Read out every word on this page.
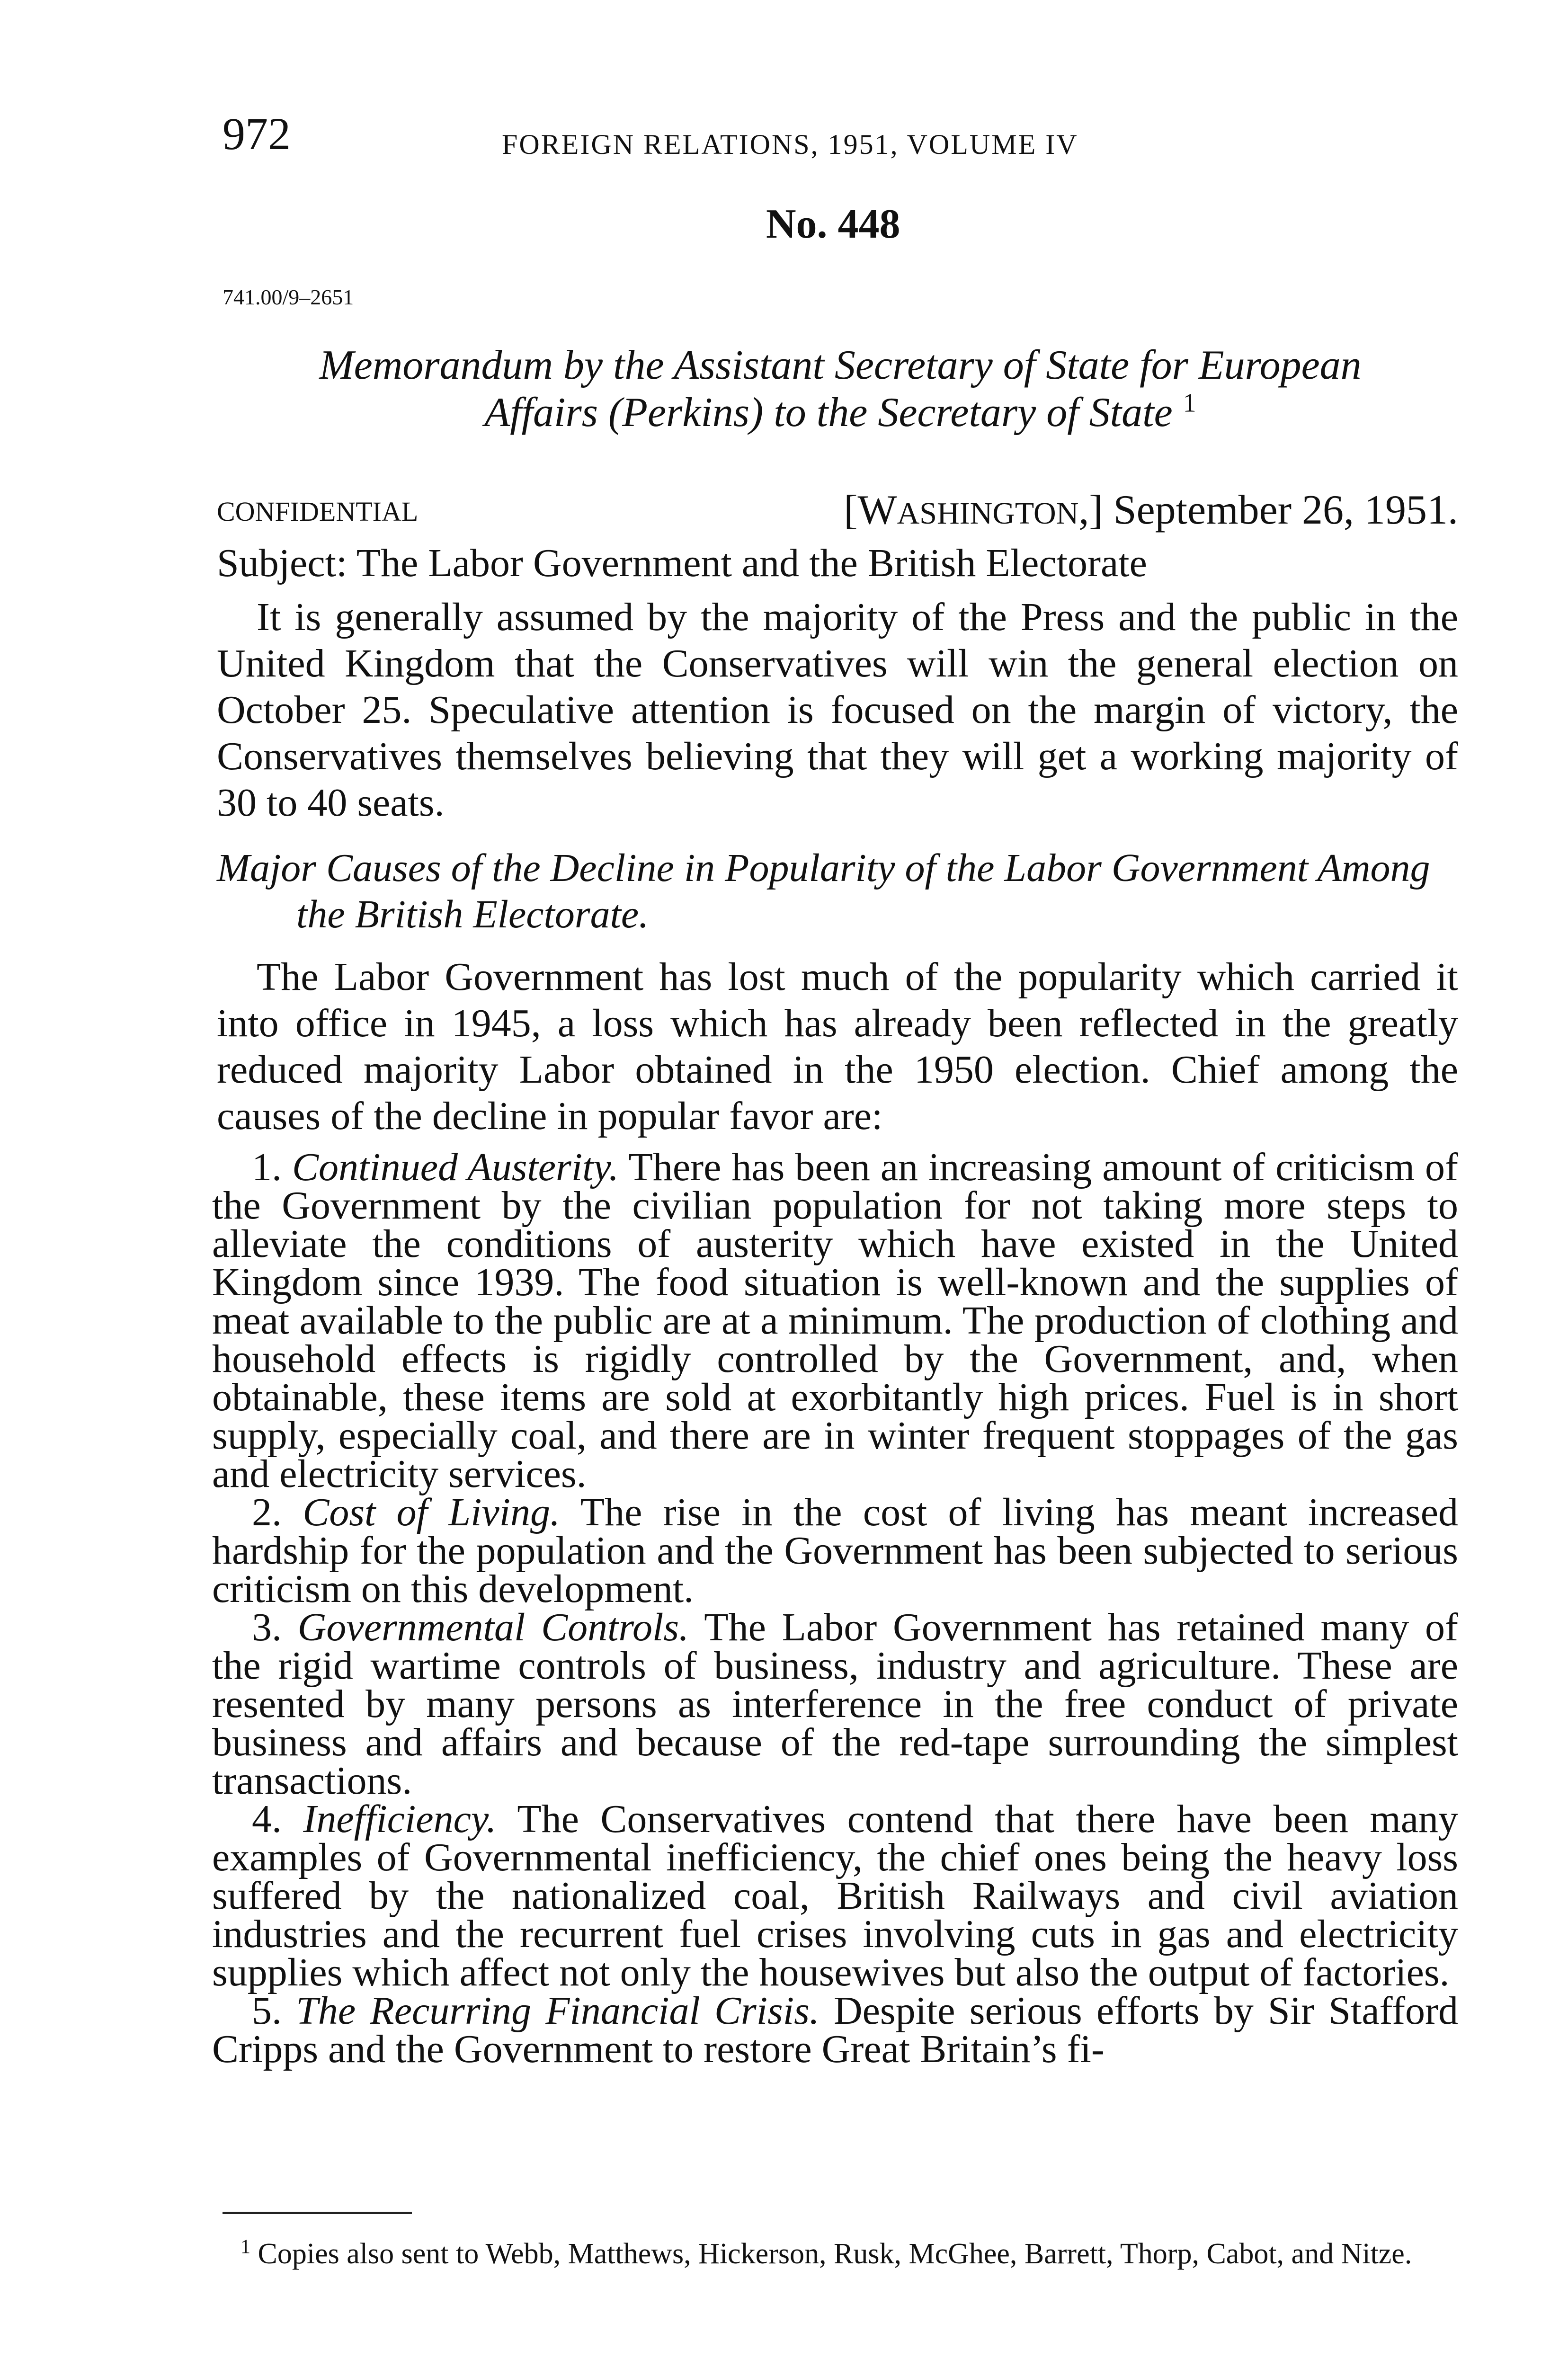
972	FOREIGN RELATIONS, 1951, VOLUME IV
No. 448
741.00/9–2651
Memorandum by the Assistant Secretary of State for European
Affairs (Perkins) to the Secretary of State $^1$
CONFIDENTIAL	[WASHINGTON,] September 26, 1951.
Subject: The Labor Government and the British Electorate

It is generally assumed by the majority of the Press and the public in the United Kingdom that the Conservatives will win the general election on October 25. Speculative attention is focused on the margin of victory, the Conservatives themselves believing that they will get a working majority of 30 to 40 seats.

Major Causes of the Decline in Popularity of the Labor Government Among the British Electorate.

The Labor Government has lost much of the popularity which carried it into office in 1945, a loss which has already been reflected in the greatly reduced majority Labor obtained in the 1950 election. Chief among the causes of the decline in popular favor are:

1. Continued Austerity. There has been an increasing amount of criticism of the Government by the civilian population for not taking more steps to alleviate the conditions of austerity which have existed in the United Kingdom since 1939. The food situation is well-known and the supplies of meat available to the public are at a minimum. The production of clothing and household effects is rigidly controlled by the Government, and, when obtainable, these items are sold at exorbitantly high prices. Fuel is in short supply, especially coal, and there are in winter frequent stoppages of the gas and electricity services.

2. Cost of Living. The rise in the cost of living has meant increased hardship for the population and the Government has been subjected to serious criticism on this development.

3. Governmental Controls. The Labor Government has retained many of the rigid wartime controls of business, industry and agriculture. These are resented by many persons as interference in the free conduct of private business and affairs and because of the red-tape surrounding the simplest transactions.

4. Inefficiency. The Conservatives contend that there have been many examples of Governmental inefficiency, the chief ones being the heavy loss suffered by the nationalized coal, British Railways and civil aviation industries and the recurrent fuel crises involving cuts in gas and electricity supplies which affect not only the housewives but also the output of factories.

5. The Recurring Financial Crisis. Despite serious efforts by Sir Stafford Cripps and the Government to restore Great Britain’s fi-

$^1$ Copies also sent to Webb, Matthews, Hickerson, Rusk, McGhee, Barrett, Thorp, Cabot, and Nitze.
